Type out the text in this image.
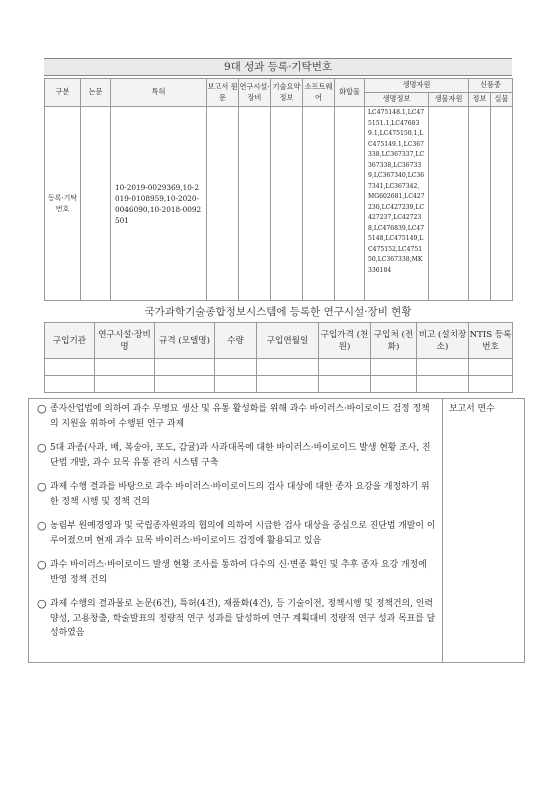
9대 성과 등록·기탁번호
구분	논문	특허	보고서 원문	연구시설·장비	기술요약 정보	소프트웨어	화합물	생명자원		신품종	
								생명정보	생물자원	정보	실물
등록·기탁번호		10-2019-0029369,10-2019-0108959,10-2020-0046090,10-2018-0092501						LC475148.1,LC475151.1,LC476839.1,LC475150.1,LC475149.1,LC367338,LC367337,LC367338,LC367339,LC367340,LC367341,LC367342,MG602681,LC427230,LC427239,LC427237,LC427238,LC476839,LC475148,LC475149,LC475152,LC475150,LC367338,MK336184			
국가과학기술종합정보시스템에 등록한 연구시설·장비 현황
구입기관	연구시설·장비명	규격 (모델명)	수량	구입연월일	구입가격 (천원)	구입처 (전화)	비고 (설치장소)	NTIS 등록번호

○ 종자산업법에 의하여 과수 무병묘 생산 및 유통 활성화를 위해 과수 바이러스·바이로이드 검정 정책의 지원을 위하여 수행된 연구 과제
○ 5대 과종(사과, 배, 복숭아, 포도, 감귤)과 사과대목에 대한 바이러스·바이로이드 발생 현황 조사, 진단법 개발, 과수 묘목 유통 관리 시스템 구축
○ 과제 수행 결과를 바탕으로 과수 바이러스·바이로이드의 검사 대상에 대한 종자 요강을 개정하기 위한 정책 시행 및 정책 건의
○ 농림부 원예경영과 및 국립종자원과의 협의에 의하여 시급한 검사 대상을 중심으로 진단법 개발이 이루어졌으며 현재 과수 묘목 바이러스·바이로이드 검정에 활용되고 있음
○ 과수 바이러스·바이로이드 발생 현황 조사를 통하여 다수의 신·변종 확인 및 추후 종자 요강 개정에 반영 정책 건의
○ 과제 수행의 결과물로 논문(6건), 특허(4건), 재품화(4건), 등 기술이전, 정책시행 및 정책건의, 인력양성, 고용창출, 학술발표의 정량적 연구 성과를 달성하여 연구 계획대비 정량적 연구 성과 목표를 달성하였음
	보고서 면수
